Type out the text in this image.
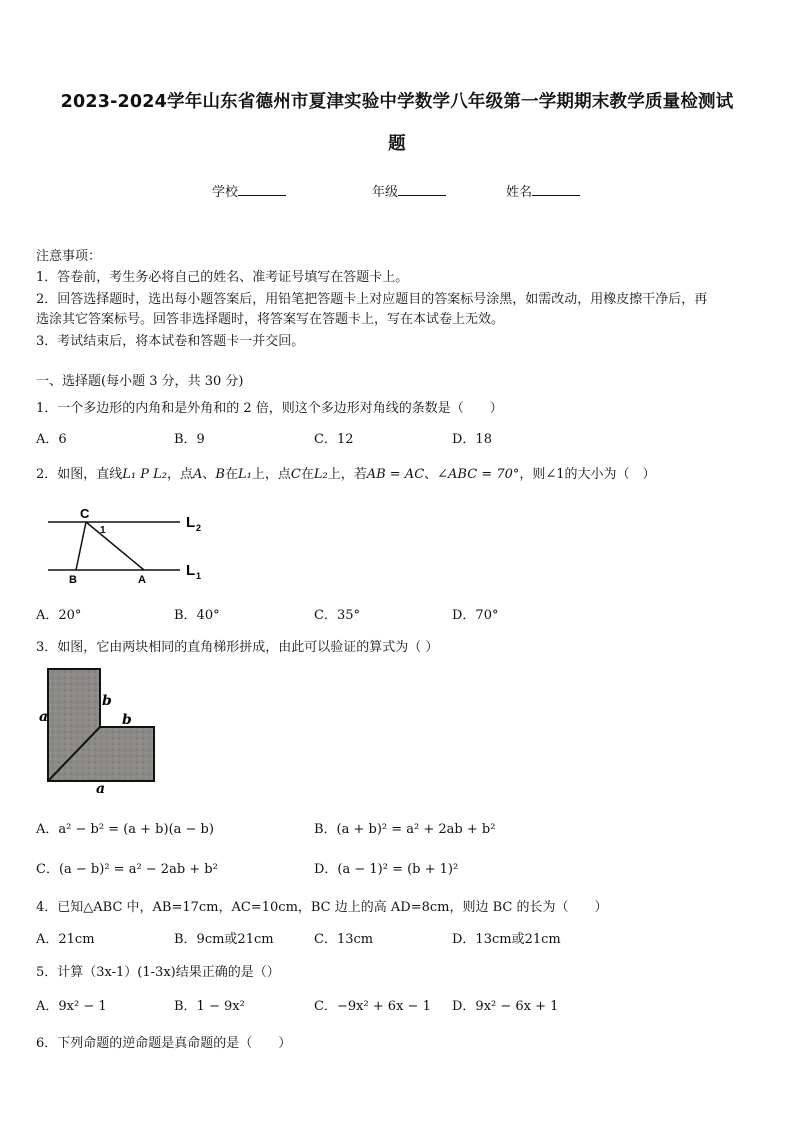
2023-2024学年山东省德州市夏津实验中学数学八年级第一学期期末教学质量检测试
题
学校	年级	姓名
注意事项：
1．答卷前，考生务必将自己的姓名、准考证号填写在答题卡上。
2．回答选择题时，选出每小题答案后，用铅笔把答题卡上对应题目的答案标号涂黑，如需改动，用橡皮擦干净后，再
选涂其它答案标号。回答非选择题时，将答案写在答题卡上，写在本试卷上无效。
3．考试结束后，将本试卷和答题卡一并交回。
一、选择题(每小题 3 分，共 30 分)
1．一个多边形的内角和是外角和的 2 倍，则这个多边形对角线的条数是（　　）
A．6	B．9	C．12	D．18
2．如图，直线L₁ P L₂，点A、B在L₁上，点C在L₂上，若AB = AC、∠ABC = 70°，则∠1的大小为（　）
C
1
B	A
L 2
L 1
A．20°	B．40°	C．35°	D．70°
3．如图，它由两块相同的直角梯形拼成，由此可以验证的算式为（ ）
a
b
b
a
A．a² − b² = (a + b)(a − b)	B．(a + b)² = a² + 2ab + b²
C．(a − b)² = a² − 2ab + b²	D．(a − 1)² = (b + 1)²
4．已知△ABC 中，AB=17cm，AC=10cm，BC 边上的高 AD=8cm，则边 BC 的长为（　　）
A．21cm	B．9cm或21cm	C．13cm	D．13cm或21cm
5．计算（3x-1）(1-3x)结果正确的是（）
A．9x² − 1	B．1 − 9x²	C．−9x² + 6x − 1 D．9x² − 6x + 1
6．下列命题的逆命题是真命题的是（　　）
